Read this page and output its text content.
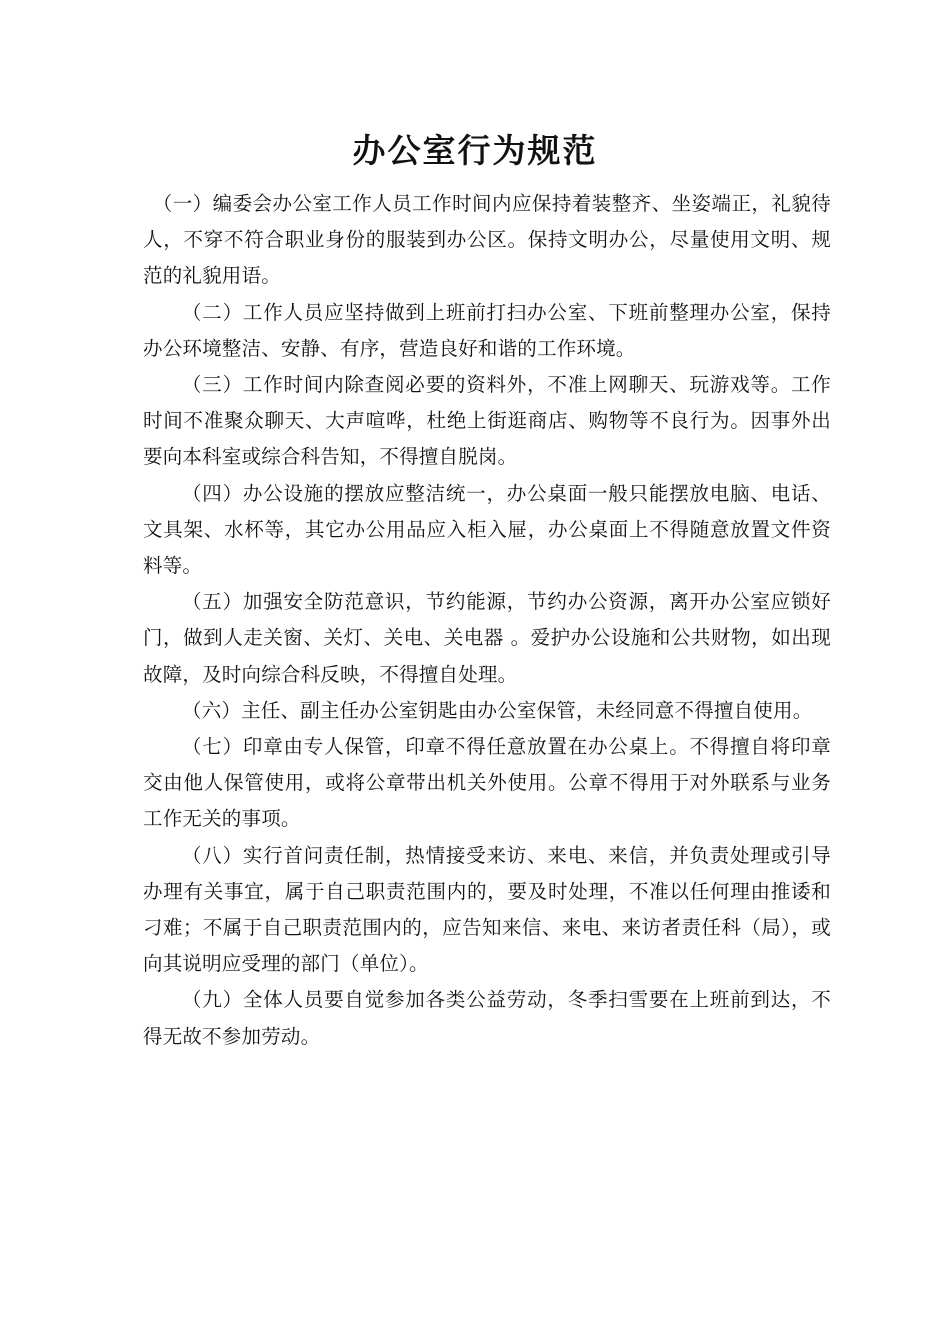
办公室行为规范

（一）编委会办公室工作人员工作时间内应保持着装整齐、坐姿端正，礼貌待人，不穿不符合职业身份的服装到办公区。保持文明办公，尽量使用文明、规范的礼貌用语。

（二）工作人员应坚持做到上班前打扫办公室、下班前整理办公室，保持办公环境整洁、安静、有序，营造良好和谐的工作环境。

（三）工作时间内除查阅必要的资料外，不准上网聊天、玩游戏等。工作时间不准聚众聊天、大声喧哗，杜绝上街逛商店、购物等不良行为。因事外出要向本科室或综合科告知，不得擅自脱岗。

（四）办公设施的摆放应整洁统一，办公桌面一般只能摆放电脑、电话、文具架、水杯等，其它办公用品应入柜入屉，办公桌面上不得随意放置文件资料等。

（五）加强安全防范意识，节约能源，节约办公资源，离开办公室应锁好门，做到人走关窗、关灯、关电、关电器 。爱护办公设施和公共财物，如出现故障，及时向综合科反映，不得擅自处理。

（六）主任、副主任办公室钥匙由办公室保管，未经同意不得擅自使用。

（七）印章由专人保管，印章不得任意放置在办公桌上。不得擅自将印章交由他人保管使用，或将公章带出机关外使用。公章不得用于对外联系与业务工作无关的事项。

（八）实行首问责任制，热情接受来访、来电、来信，并负责处理或引导办理有关事宜，属于自己职责范围内的，要及时处理，不准以任何理由推诿和刁难；不属于自己职责范围内的，应告知来信、来电、来访者责任科（局），或向其说明应受理的部门（单位）。

（九）全体人员要自觉参加各类公益劳动，冬季扫雪要在上班前到达，不得无故不参加劳动。
